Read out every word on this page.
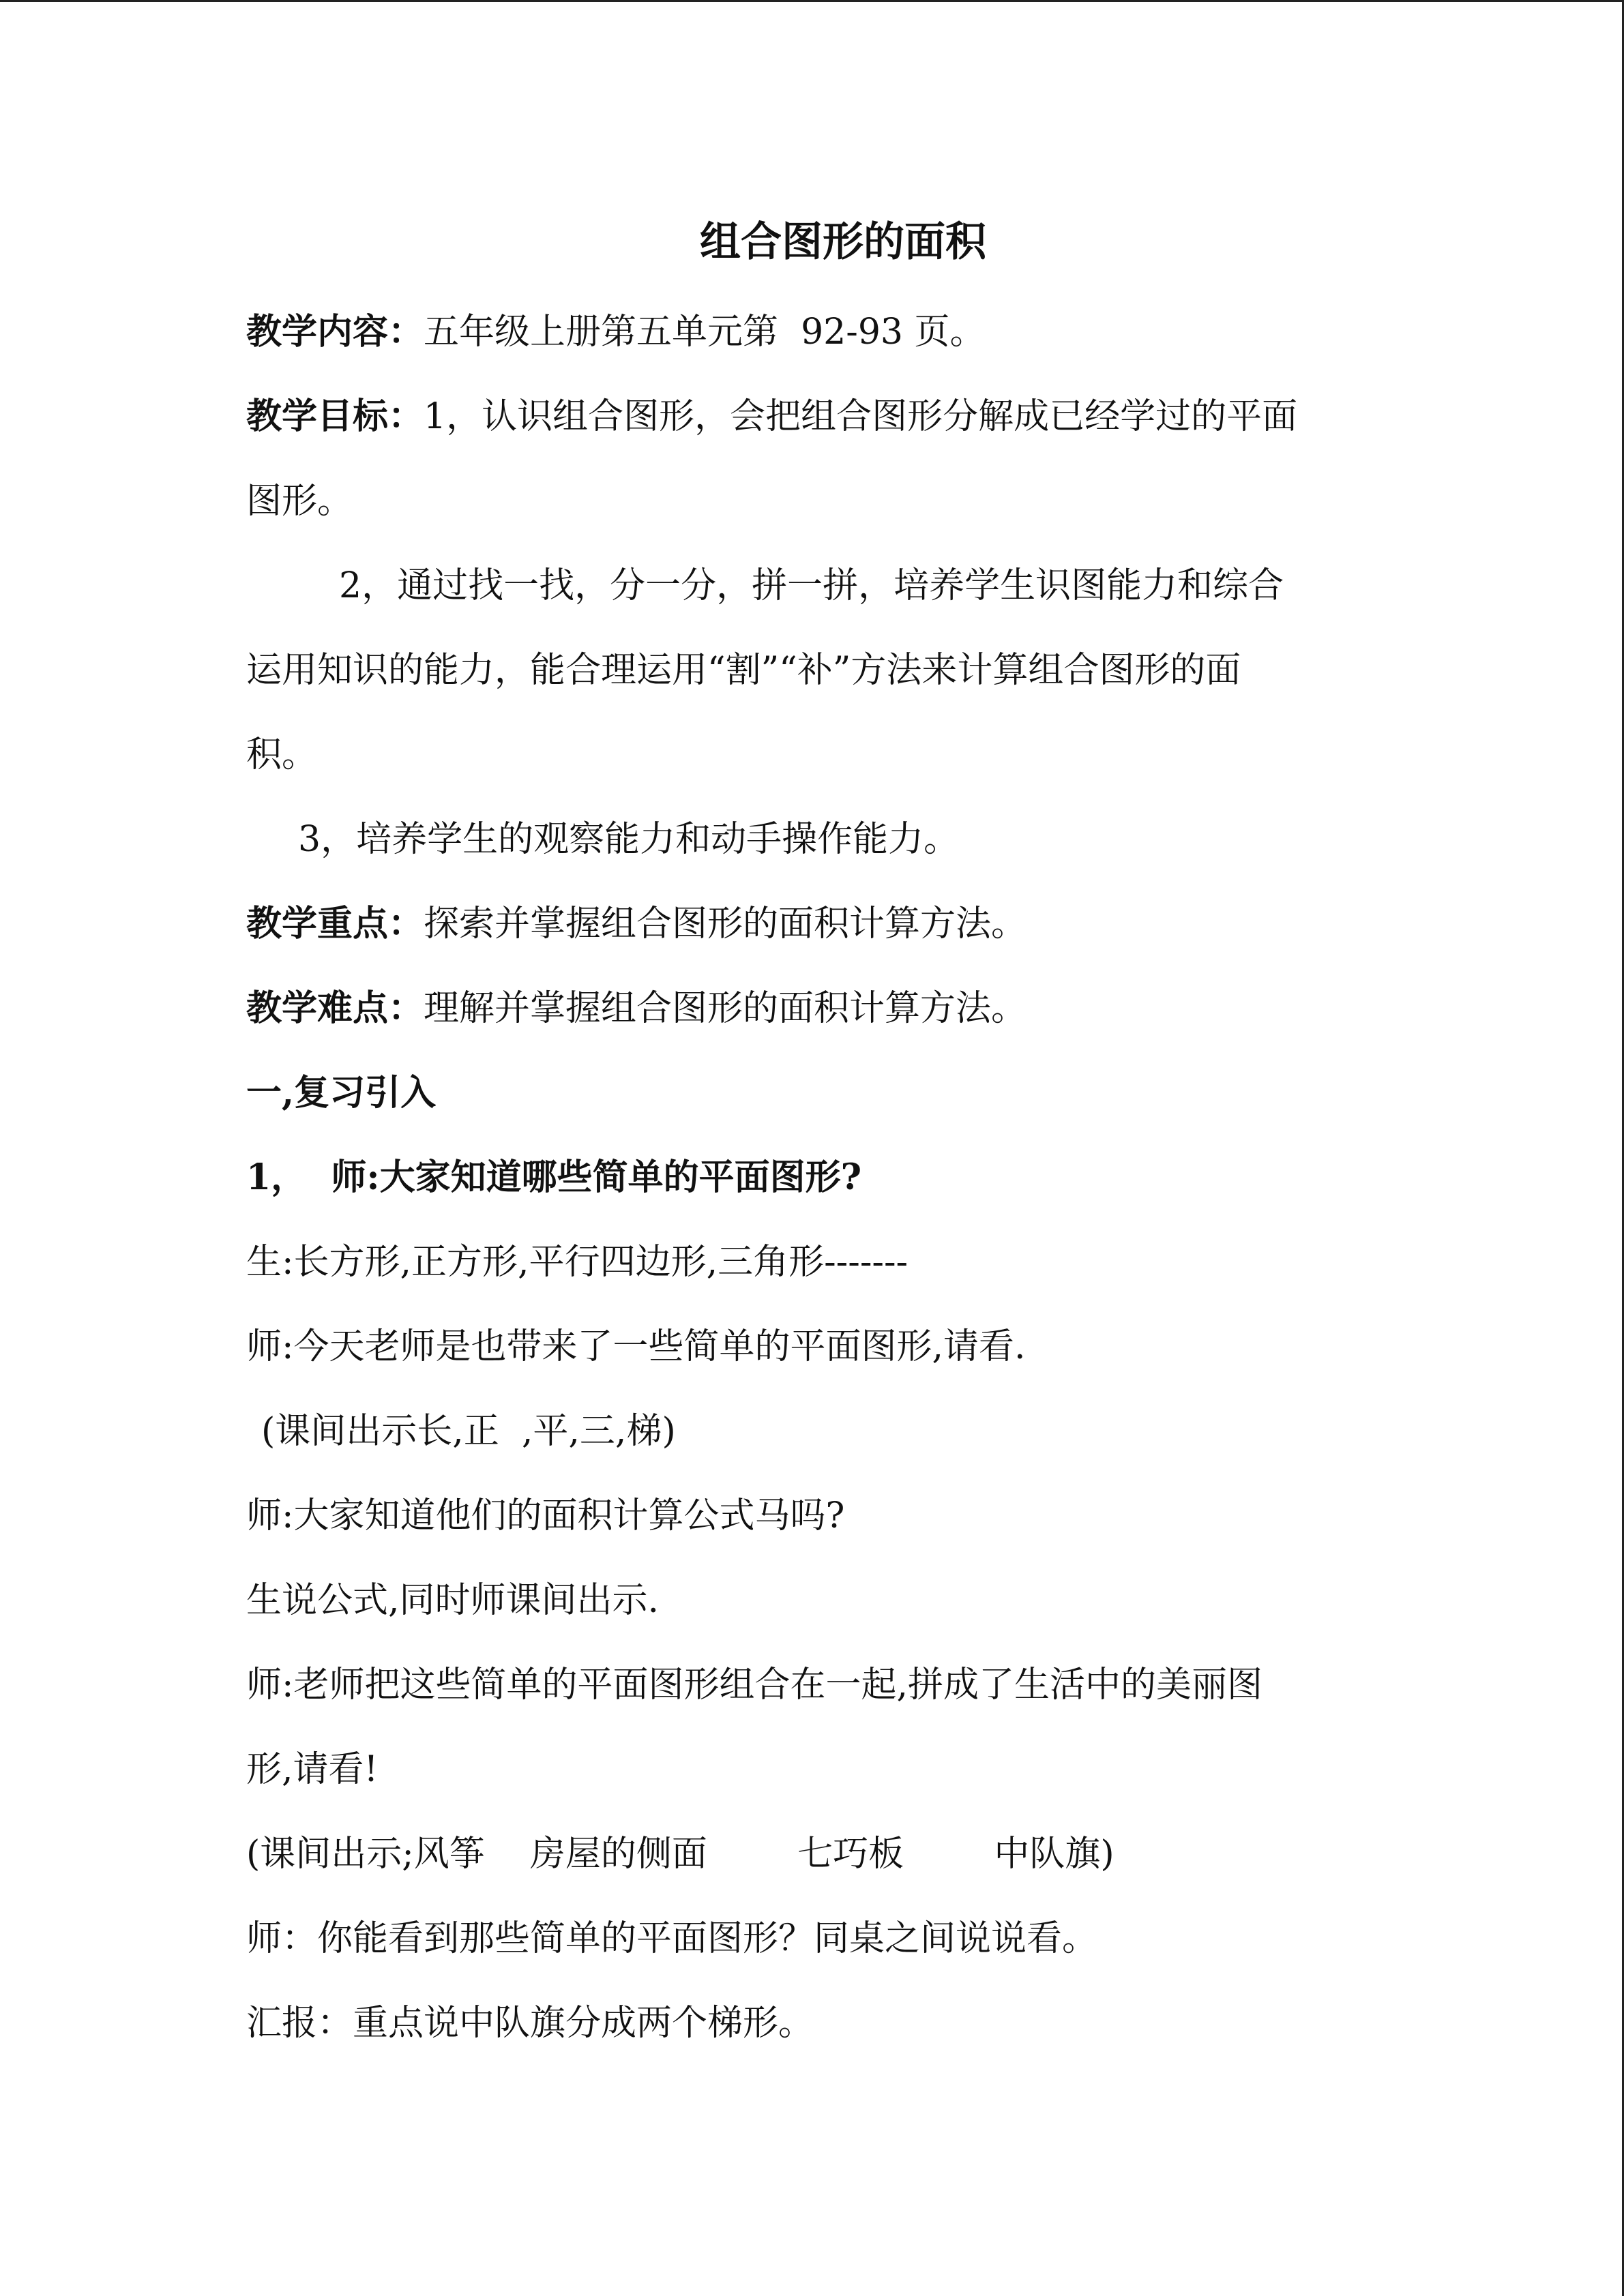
组合图形的面积

教学内容：五年级上册第五单元第  92-93 页。

教学目标：1，认识组合图形，会把组合图形分解成已经学过的平面

图形。

2，通过找一找，分一分，拼一拼，培养学生识图能力和综合

运用知识的能力，能合理运用“割”“补”方法来计算组合图形的面

积。

3，培养学生的观察能力和动手操作能力。

教学重点：探索并掌握组合图形的面积计算方法。

教学难点：理解并掌握组合图形的面积计算方法。

一,复习引入

1，  师:大家知道哪些简单的平面图形?

生:长方形,正方形,平行四边形,三角形-------

师:今天老师是也带来了一些简单的平面图形,请看.

(课间出示长,正  ,平,三,梯)

师:大家知道他们的面积计算公式马吗?

生说公式,同时师课间出示.

师:老师把这些简单的平面图形组合在一起,拼成了生活中的美丽图

形,请看!

(课间出示;风筝    房屋的侧面        七巧板        中队旗)

师：你能看到那些简单的平面图形？同桌之间说说看。

汇报：重点说中队旗分成两个梯形。
